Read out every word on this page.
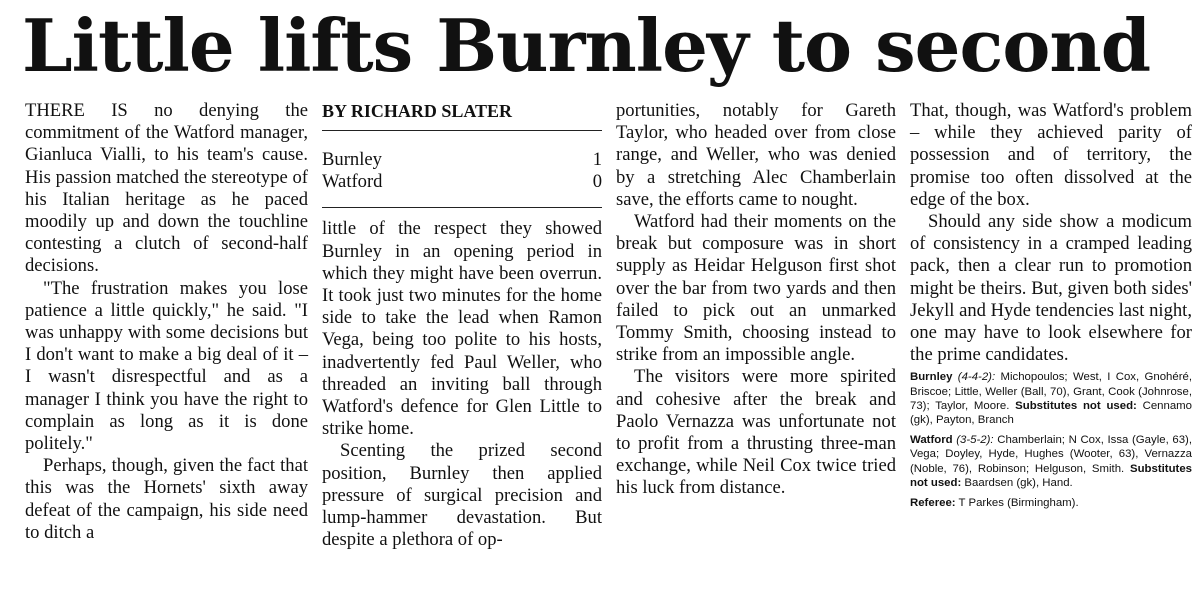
Little lifts Burnley to second

THERE IS no denying the commitment of the Watford manager, Gianluca Vialli, to his team's cause. His passion matched the stereotype of his Italian heritage as he paced moodily up and down the touchline contesting a clutch of second-half decisions.

"The frustration makes you lose patience a little quickly," he said. "I was unhappy with some decisions but I don't want to make a big deal of it – I wasn't disrespectful and as a manager I think you have the right to complain as long as it is done politely."

Perhaps, though, given the fact that this was the Hornets' sixth away defeat of the campaign, his side need to ditch a

BY RICHARD SLATER
Burnley	1
Watford	0

little of the respect they showed Burnley in an opening period in which they might have been overrun. It took just two minutes for the home side to take the lead when Ramon Vega, being too polite to his hosts, inadvertently fed Paul Weller, who threaded an inviting ball through Watford's defence for Glen Little to strike home.

Scenting the prized second position, Burnley then applied pressure of surgical precision and lump-hammer devastation. But despite a plethora of op-

portunities, notably for Gareth Taylor, who headed over from close range, and Weller, who was denied by a stretching Alec Chamberlain save, the efforts came to nought.

Watford had their moments on the break but composure was in short supply as Heidar Helguson first shot over the bar from two yards and then failed to pick out an unmarked Tommy Smith, choosing instead to strike from an impossible angle.

The visitors were more spirited and cohesive after the break and Paolo Vernazza was unfortunate not to profit from a thrusting three-man exchange, while Neil Cox twice tried his luck from distance.

That, though, was Watford's problem – while they achieved parity of possession and of territory, the promise too often dissolved at the edge of the box.

Should any side show a modicum of consistency in a cramped leading pack, then a clear run to promotion might be theirs. But, given both sides' Jekyll and Hyde tendencies last night, one may have to look elsewhere for the prime candidates.

Burnley (4-4-2): Michopoulos; West, I Cox, Gnohéré, Briscoe; Little, Weller (Ball, 70), Grant, Cook (Johnrose, 73); Taylor, Moore. Substitutes not used: Cennamo (gk), Payton, Branch

Watford (3-5-2): Chamberlain; N Cox, Issa (Gayle, 63), Vega; Doyley, Hyde, Hughes (Wooter, 63), Vernazza (Noble, 76), Robinson; Helguson, Smith. Substitutes not used: Baardsen (gk), Hand.

Referee: T Parkes (Birmingham).
